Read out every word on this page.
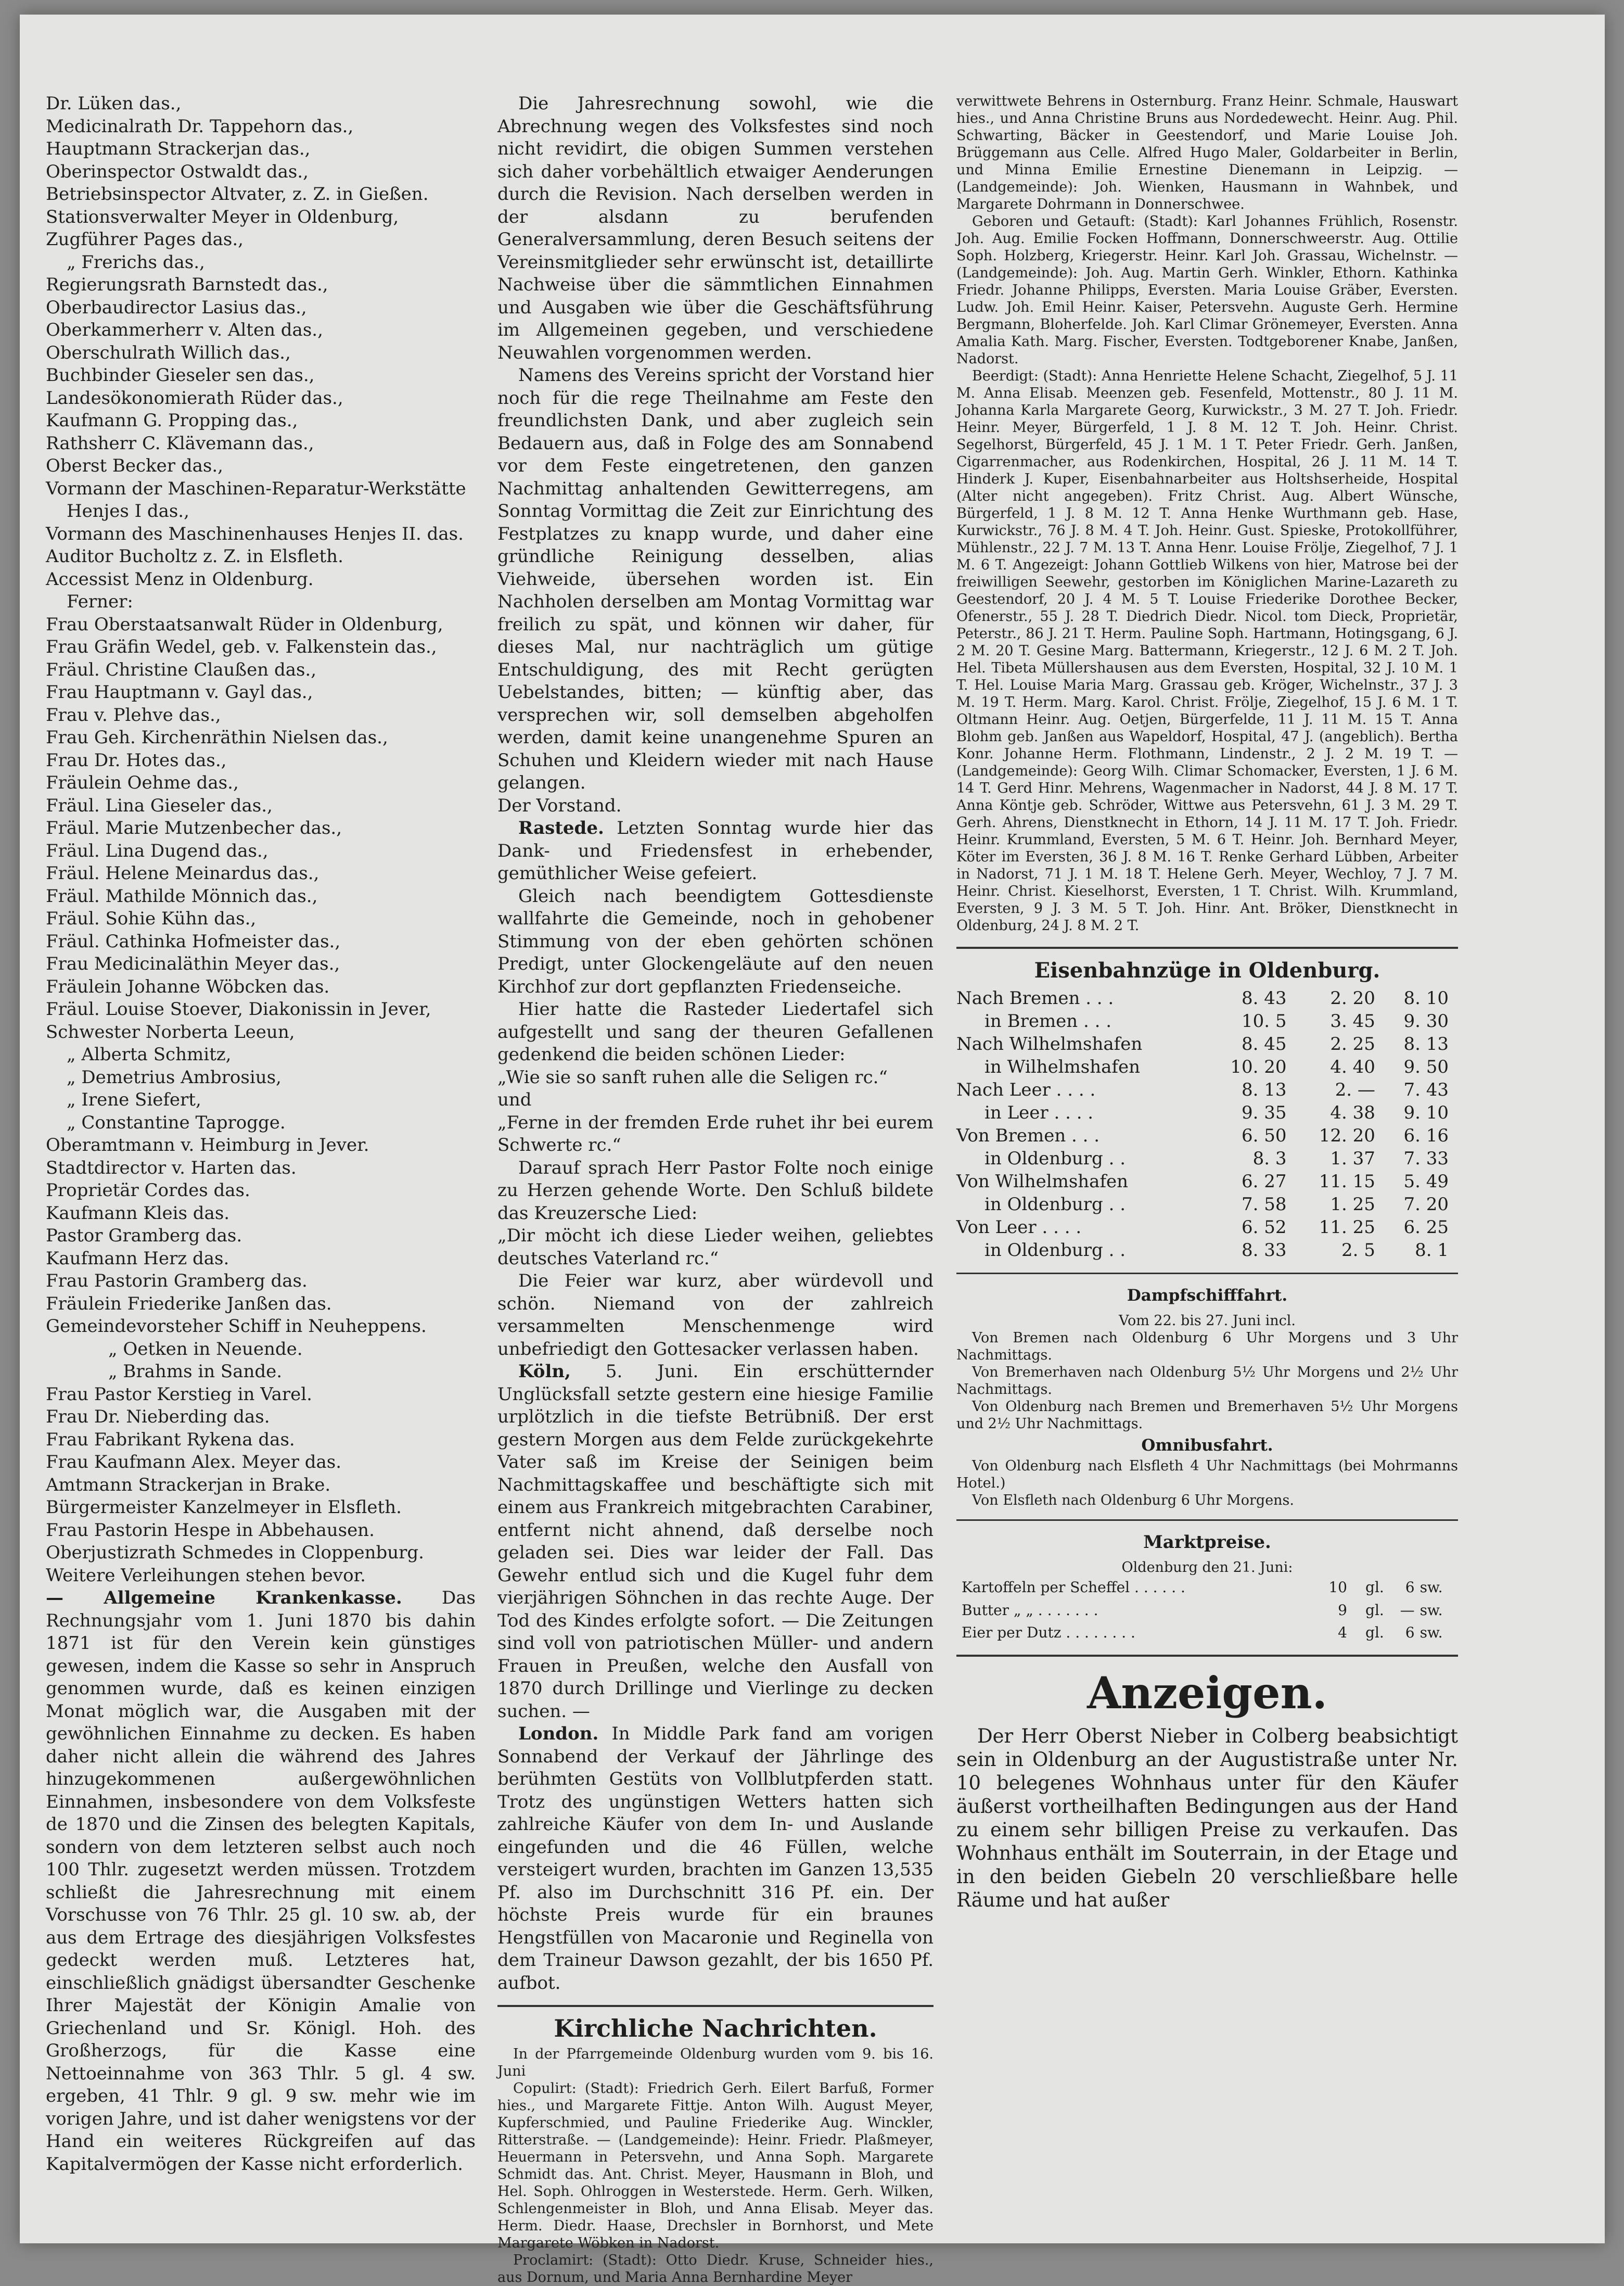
Dr. Lüken das.,
Medicinalrath Dr. Tappehorn das.,
Hauptmann Strackerjan das.,
Oberinspector Ostwaldt das.,
Betriebsinspector Altvater, z. Z. in Gießen.
Stationsverwalter Meyer in Oldenburg,
Zugführer Pages das.,
„ Frerichs das.,
Regierungsrath Barnstedt das.,
Oberbaudirector Lasius das.,
Oberkammerherr v. Alten das.,
Oberschulrath Willich das.,
Buchbinder Gieseler sen das.,
Landesökonomierath Rüder das.,
Kaufmann G. Propping das.,
Rathsherr C. Klävemann das.,
Oberst Becker das.,
Vormann der Maschinen-Reparatur-Werkstätte
Henjes I das.,
Vormann des Maschinenhauses Henjes II. das.
Auditor Bucholtz z. Z. in Elsfleth.
Accessist Menz in Oldenburg.
Ferner:
Frau Oberstaatsanwalt Rüder in Oldenburg,
Frau Gräfin Wedel, geb. v. Falkenstein das.,
Fräul. Christine Claußen das.,
Frau Hauptmann v. Gayl das.,
Frau v. Plehve das.,
Frau Geh. Kirchenräthin Nielsen das.,
Frau Dr. Hotes das.,
Fräulein Oehme das.,
Fräul. Lina Gieseler das.,
Fräul. Marie Mutzenbecher das.,
Fräul. Lina Dugend das.,
Fräul. Helene Meinardus das.,
Fräul. Mathilde Mönnich das.,
Fräul. Sohie Kühn das.,
Fräul. Cathinka Hofmeister das.,
Frau Medicinaläthin Meyer das.,
Fräulein Johanne Wöbcken das.
Fräul. Louise Stoever, Diakonissin in Jever,
Schwester Norberta Leeun,
„ Alberta Schmitz,
„ Demetrius Ambrosius,
„ Irene Siefert,
„ Constantine Taprogge.
Oberamtmann v. Heimburg in Jever.
Stadtdirector v. Harten das.
Proprietär Cordes das.
Kaufmann Kleis das.
Pastor Gramberg das.
Kaufmann Herz das.
Frau Pastorin Gramberg das.
Fräulein Friederike Janßen das.
Gemeindevorsteher Schiff in Neuheppens.
„ Oetken in Neuende.
„ Brahms in Sande.
Frau Pastor Kerstieg in Varel.
Frau Dr. Nieberding das.
Frau Fabrikant Rykena das.
Frau Kaufmann Alex. Meyer das.
Amtmann Strackerjan in Brake.
Bürgermeister Kanzelmeyer in Elsfleth.
Frau Pastorin Hespe in Abbehausen.
Oberjustizrath Schmedes in Cloppenburg.
Weitere Verleihungen stehen bevor.

— Allgemeine Krankenkasse. Das Rechnungsjahr vom 1. Juni 1870 bis dahin 1871 ist für den Verein kein günstiges gewesen, indem die Kasse so sehr in Anspruch genommen wurde, daß es keinen einzigen Monat möglich war, die Ausgaben mit der gewöhnlichen Einnahme zu decken. Es haben daher nicht allein die während des Jahres hinzugekommenen außergewöhnlichen Einnahmen, insbesondere von dem Volksfeste de 1870 und die Zinsen des belegten Kapitals, sondern von dem letzteren selbst auch noch 100 Thlr. zugesetzt werden müssen. Trotzdem schließt die Jahresrechnung mit einem Vorschusse von 76 Thlr. 25 gl. 10 sw. ab, der aus dem Ertrage des diesjährigen Volksfestes gedeckt werden muß. Letzteres hat, einschließlich gnädigst übersandter Geschenke Ihrer Majestät der Königin Amalie von Griechenland und Sr. Königl. Hoh. des Großherzogs, für die Kasse eine Nettoeinnahme von 363 Thlr. 5 gl. 4 sw. ergeben, 41 Thlr. 9 gl. 9 sw. mehr wie im vorigen Jahre, und ist daher wenigstens vor der Hand ein weiteres Rückgreifen auf das Kapitalvermögen der Kasse nicht erforderlich.

Die Jahresrechnung sowohl, wie die Abrechnung wegen des Volksfestes sind noch nicht revidirt, die obigen Summen verstehen sich daher vorbehältlich etwaiger Aenderungen durch die Revision. Nach derselben werden in der alsdann zu berufenden Generalversammlung, deren Besuch seitens der Vereinsmitglieder sehr erwünscht ist, detaillirte Nachweise über die sämmtlichen Einnahmen und Ausgaben wie über die Geschäftsführung im Allgemeinen gegeben, und verschiedene Neuwahlen vorgenommen werden.

Namens des Vereins spricht der Vorstand hier noch für die rege Theilnahme am Feste den freundlichsten Dank, und aber zugleich sein Bedauern aus, daß in Folge des am Sonnabend vor dem Feste eingetretenen, den ganzen Nachmittag anhaltenden Gewitterregens, am Sonntag Vormittag die Zeit zur Einrichtung des Festplatzes zu knapp wurde, und daher eine gründliche Reinigung desselben, alias Viehweide, übersehen worden ist. Ein Nachholen derselben am Montag Vormittag war freilich zu spät, und können wir daher, für dieses Mal, nur nachträglich um gütige Entschuldigung, des mit Recht gerügten Uebelstandes, bitten; — künftig aber, das versprechen wir, soll demselben abgeholfen werden, damit keine unangenehme Spuren an Schuhen und Kleidern wieder mit nach Hause gelangen.

Der Vorstand.

Rastede. Letzten Sonntag wurde hier das Dank- und Friedensfest in erhebender, gemüthlicher Weise gefeiert.

Gleich nach beendigtem Gottesdienste wallfahrte die Gemeinde, noch in gehobener Stimmung von der eben gehörten schönen Predigt, unter Glockengeläute auf den neuen Kirchhof zur dort gepflanzten Friedenseiche.

Hier hatte die Rasteder Liedertafel sich aufgestellt und sang der theuren Gefallenen gedenkend die beiden schönen Lieder:

„Wie sie so sanft ruhen alle die Seligen rc.“

und

„Ferne in der fremden Erde ruhet ihr bei eurem Schwerte rc.“

Darauf sprach Herr Pastor Folte noch einige zu Herzen gehende Worte. Den Schluß bildete das Kreuzersche Lied:

„Dir möcht ich diese Lieder weihen, geliebtes deutsches Vaterland rc.“

Die Feier war kurz, aber würdevoll und schön. Niemand von der zahlreich versammelten Menschenmenge wird unbefriedigt den Gottesacker verlassen haben.

Köln, 5. Juni. Ein erschütternder Unglücksfall setzte gestern eine hiesige Familie urplötzlich in die tiefste Betrübniß. Der erst gestern Morgen aus dem Felde zurückgekehrte Vater saß im Kreise der Seinigen beim Nachmittagskaffee und beschäftigte sich mit einem aus Frankreich mitgebrachten Carabiner, entfernt nicht ahnend, daß derselbe noch geladen sei. Dies war leider der Fall. Das Gewehr entlud sich und die Kugel fuhr dem vierjährigen Söhnchen in das rechte Auge. Der Tod des Kindes erfolgte sofort. — Die Zeitungen sind voll von patriotischen Müller- und andern Frauen in Preußen, welche den Ausfall von 1870 durch Drillinge und Vierlinge zu decken suchen. —

London. In Middle Park fand am vorigen Sonnabend der Verkauf der Jährlinge des berühmten Gestüts von Vollblutpferden statt. Trotz des ungünstigen Wetters hatten sich zahlreiche Käufer von dem In- und Auslande eingefunden und die 46 Füllen, welche versteigert wurden, brachten im Ganzen 13,535 Pf. also im Durchschnitt 316 Pf. ein. Der höchste Preis wurde für ein braunes Hengstfüllen von Macaronie und Reginella von dem Traineur Dawson gezahlt, der bis 1650 Pf. aufbot.

Kirchliche Nachrichten.

In der Pfarrgemeinde Oldenburg wurden vom 9. bis 16. Juni

Copulirt: (Stadt): Friedrich Gerh. Eilert Barfuß, Former hies., und Margarete Fittje. Anton Wilh. August Meyer, Kupferschmied, und Pauline Friederike Aug. Winckler, Ritterstraße. — (Landgemeinde): Heinr. Friedr. Plaßmeyer, Heuermann in Petersvehn, und Anna Soph. Margarete Schmidt das. Ant. Christ. Meyer, Hausmann in Bloh, und Hel. Soph. Ohlroggen in Westerstede. Herm. Gerh. Wilken, Schlengenmeister in Bloh, und Anna Elisab. Meyer das. Herm. Diedr. Haase, Drechsler in Bornhorst, und Mete Margarete Wöbken in Nadorst.

Proclamirt: (Stadt): Otto Diedr. Kruse, Schneider hies., aus Dornum, und Maria Anna Bernhardine Meyer

verwittwete Behrens in Osternburg. Franz Heinr. Schmale, Hauswart hies., und Anna Christine Bruns aus Nordedewecht. Heinr. Aug. Phil. Schwarting, Bäcker in Geestendorf, und Marie Louise Joh. Brüggemann aus Celle. Alfred Hugo Maler, Goldarbeiter in Berlin, und Minna Emilie Ernestine Dienemann in Leipzig. — (Landgemeinde): Joh. Wienken, Hausmann in Wahnbek, und Margarete Dohrmann in Donnerschwee.

Geboren und Getauft: (Stadt): Karl Johannes Frühlich, Rosenstr. Joh. Aug. Emilie Focken Hoffmann, Donnerschweerstr. Aug. Ottilie Soph. Holzberg, Kriegerstr. Heinr. Karl Joh. Grassau, Wichelnstr. — (Landgemeinde): Joh. Aug. Martin Gerh. Winkler, Ethorn. Kathinka Friedr. Johanne Philipps, Eversten. Maria Louise Gräber, Eversten. Ludw. Joh. Emil Heinr. Kaiser, Petersvehn. Auguste Gerh. Hermine Bergmann, Bloherfelde. Joh. Karl Climar Grönemeyer, Eversten. Anna Amalia Kath. Marg. Fischer, Eversten. Todtgeborener Knabe, Janßen, Nadorst.

Beerdigt: (Stadt): Anna Henriette Helene Schacht, Ziegelhof, 5 J. 11 M. Anna Elisab. Meenzen geb. Fesenfeld, Mottenstr., 80 J. 11 M. Johanna Karla Margarete Georg, Kurwickstr., 3 M. 27 T. Joh. Friedr. Heinr. Meyer, Bürgerfeld, 1 J. 8 M. 12 T. Joh. Heinr. Christ. Segelhorst, Bürgerfeld, 45 J. 1 M. 1 T. Peter Friedr. Gerh. Janßen, Cigarrenmacher, aus Rodenkirchen, Hospital, 26 J. 11 M. 14 T. Hinderk J. Kuper, Eisenbahnarbeiter aus Holtshserheide, Hospital (Alter nicht angegeben). Fritz Christ. Aug. Albert Wünsche, Bürgerfeld, 1 J. 8 M. 12 T. Anna Henke Wurthmann geb. Hase, Kurwickstr., 76 J. 8 M. 4 T. Joh. Heinr. Gust. Spieske, Protokollführer, Mühlenstr., 22 J. 7 M. 13 T. Anna Henr. Louise Frölje, Ziegelhof, 7 J. 1 M. 6 T. Angezeigt: Johann Gottlieb Wilkens von hier, Matrose bei der freiwilligen Seewehr, gestorben im Königlichen Marine-Lazareth zu Geestendorf, 20 J. 4 M. 5 T. Louise Friederike Dorothee Becker, Ofenerstr., 55 J. 28 T. Diedrich Diedr. Nicol. tom Dieck, Proprietär, Peterstr., 86 J. 21 T. Herm. Pauline Soph. Hartmann, Hotingsgang, 6 J. 2 M. 20 T. Gesine Marg. Battermann, Kriegerstr., 12 J. 6 M. 2 T. Joh. Hel. Tibeta Müllershausen aus dem Eversten, Hospital, 32 J. 10 M. 1 T. Hel. Louise Maria Marg. Grassau geb. Kröger, Wichelnstr., 37 J. 3 M. 19 T. Herm. Marg. Karol. Christ. Frölje, Ziegelhof, 15 J. 6 M. 1 T. Oltmann Heinr. Aug. Oetjen, Bürgerfelde, 11 J. 11 M. 15 T. Anna Blohm geb. Janßen aus Wapeldorf, Hospital, 47 J. (angeblich). Bertha Konr. Johanne Herm. Flothmann, Lindenstr., 2 J. 2 M. 19 T. — (Landgemeinde): Georg Wilh. Climar Schomacker, Eversten, 1 J. 6 M. 14 T. Gerd Hinr. Mehrens, Wagenmacher in Nadorst, 44 J. 8 M. 17 T. Anna Köntje geb. Schröder, Wittwe aus Petersvehn, 61 J. 3 M. 29 T. Gerh. Ahrens, Dienstknecht in Ethorn, 14 J. 11 M. 17 T. Joh. Friedr. Heinr. Krummland, Eversten, 5 M. 6 T. Heinr. Joh. Bernhard Meyer, Köter im Eversten, 36 J. 8 M. 16 T. Renke Gerhard Lübben, Arbeiter in Nadorst, 71 J. 1 M. 18 T. Helene Gerh. Meyer, Wechloy, 7 J. 7 M. Heinr. Christ. Kieselhorst, Eversten, 1 T. Christ. Wilh. Krummland, Eversten, 9 J. 3 M. 5 T. Joh. Hinr. Ant. Bröker, Dienstknecht in Oldenburg, 24 J. 8 M. 2 T.

Eisenbahnzüge in Oldenburg.
Nach Bremen . . .	8. 43	2. 20	8. 10
in Bremen . . .	10. 5	3. 45	9. 30
Nach Wilhelmshafen	8. 45	2. 25	8. 13
in Wilhelmshafen	10. 20	4. 40	9. 50
Nach Leer . . . .	8. 13	2. —	7. 43
in Leer . . . .	9. 35	4. 38	9. 10
Von Bremen . . .	6. 50	12. 20	6. 16
in Oldenburg . .	8. 3	1. 37	7. 33
Von Wilhelmshafen	6. 27	11. 15	5. 49
in Oldenburg . .	7. 58	1. 25	7. 20
Von Leer . . . .	6. 52	11. 25	6. 25
in Oldenburg . .	8. 33	2. 5	8. 1
Dampfschifffahrt.
Vom 22. bis 27. Juni incl.

Von Bremen nach Oldenburg 6 Uhr Morgens und 3 Uhr Nachmittags.

Von Bremerhaven nach Oldenburg 5½ Uhr Morgens und 2½ Uhr Nachmittags.

Von Oldenburg nach Bremen und Bremerhaven 5½ Uhr Morgens und 2½ Uhr Nachmittags.

Omnibusfahrt.

Von Oldenburg nach Elsfleth 4 Uhr Nachmittags (bei Mohrmanns Hotel.)

Von Elsfleth nach Oldenburg 6 Uhr Morgens.

Marktpreise.
Oldenburg den 21. Juni:
Kartoffeln per Scheffel . . . . . .	10	gl.	6	sw.
Butter „ „ . . . . . . .	9	gl.	—	sw.
Eier per Dutz . . . . . . . .	4	gl.	6	sw.
Anzeigen.

Der Herr Oberst Nieber in Colberg beabsichtigt sein in Oldenburg an der Augustistraße unter Nr. 10 belegenes Wohnhaus unter für den Käufer äußerst vortheilhaften Bedingungen aus der Hand zu einem sehr billigen Preise zu verkaufen. Das Wohnhaus enthält im Souterrain, in der Etage und in den beiden Giebeln 20 verschließbare helle Räume und hat außer
